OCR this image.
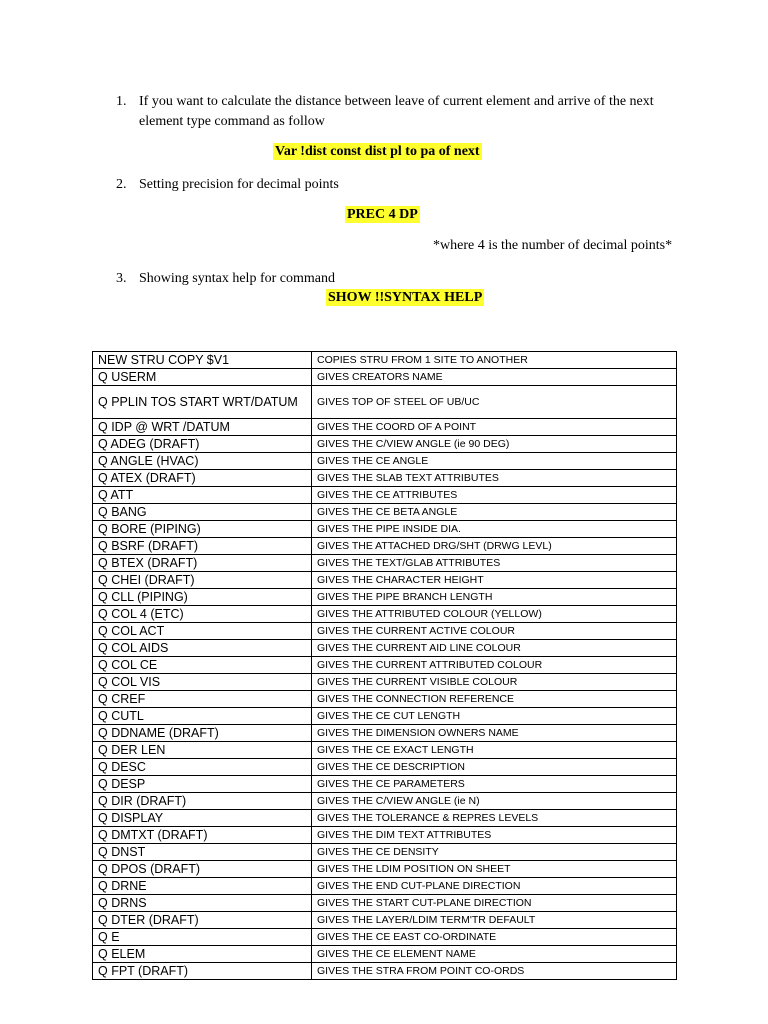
1. If you want to calculate the distance between leave of current element and arrive of the next element type command as follow
Var !dist const dist pl to pa of next
2. Setting precision for decimal points
PREC 4 DP
*where 4 is the number of decimal points*
3. Showing syntax help for command
SHOW !!SYNTAX HELP
NEW STRU COPY $V1	COPIES STRU FROM 1 SITE TO ANOTHER
Q USERM	GIVES CREATORS NAME
Q PPLIN TOS START WRT/DATUM	GIVES TOP OF STEEL OF UB/UC
Q IDP @ WRT /DATUM	GIVES THE COORD OF A POINT
Q ADEG (DRAFT)	GIVES THE C/VIEW ANGLE (ie 90 DEG)
Q ANGLE (HVAC)	GIVES THE CE ANGLE
Q ATEX (DRAFT)	GIVES THE SLAB TEXT ATTRIBUTES
Q ATT	GIVES THE CE ATTRIBUTES
Q BANG	GIVES THE CE BETA ANGLE
Q BORE (PIPING)	GIVES THE PIPE INSIDE DIA.
Q BSRF (DRAFT)	GIVES THE ATTACHED DRG/SHT (DRWG LEVL)
Q BTEX (DRAFT)	GIVES THE TEXT/GLAB ATTRIBUTES
Q CHEI (DRAFT)	GIVES THE CHARACTER HEIGHT
Q CLL (PIPING)	GIVES THE PIPE BRANCH LENGTH
Q COL 4 (ETC)	GIVES THE ATTRIBUTED COLOUR (YELLOW)
Q COL ACT	GIVES THE CURRENT ACTIVE COLOUR
Q COL AIDS	GIVES THE CURRENT AID LINE COLOUR
Q COL CE	GIVES THE CURRENT ATTRIBUTED COLOUR
Q COL VIS	GIVES THE CURRENT VISIBLE COLOUR
Q CREF	GIVES THE CONNECTION REFERENCE
Q CUTL	GIVES THE CE CUT LENGTH
Q DDNAME (DRAFT)	GIVES THE DIMENSION OWNERS NAME
Q DER LEN	GIVES THE CE EXACT LENGTH
Q DESC	GIVES THE CE DESCRIPTION
Q DESP	GIVES THE CE PARAMETERS
Q DIR (DRAFT)	GIVES THE C/VIEW ANGLE (ie N)
Q DISPLAY	GIVES THE TOLERANCE & REPRES LEVELS
Q DMTXT (DRAFT)	GIVES THE DIM TEXT ATTRIBUTES
Q DNST	GIVES THE CE DENSITY
Q DPOS (DRAFT)	GIVES THE LDIM POSITION ON SHEET
Q DRNE	GIVES THE END CUT-PLANE DIRECTION
Q DRNS	GIVES THE START CUT-PLANE DIRECTION
Q DTER (DRAFT)	GIVES THE LAYER/LDIM TERM'TR DEFAULT
Q E	GIVES THE CE EAST CO-ORDINATE
Q ELEM	GIVES THE CE ELEMENT NAME
Q FPT (DRAFT)	GIVES THE STRA FROM POINT CO-ORDS
